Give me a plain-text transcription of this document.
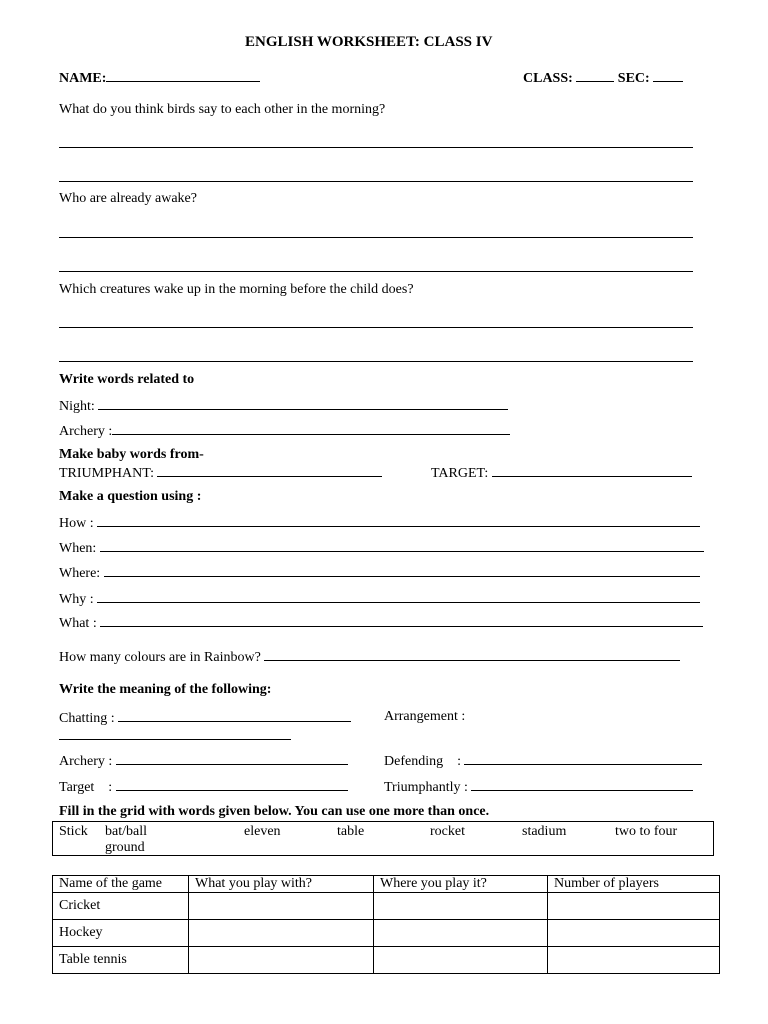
ENGLISH WORKSHEET: CLASS IV
NAME:	CLASS:	SEC:
What do you think birds say to each other in the morning?
Who are already awake?
Which creatures wake up in the morning before the child does?
Write words related to
Night:
Archery :
Make baby words from-
TRIUMPHANT:	TARGET:
Make a question using :
How :
When:
Where:
Why :
What :
How many colours are in Rainbow?
Write the meaning of the following:
Chatting :	Arrangement :
Archery :	Defending    :
Target    :	Triumphantly :
Fill in the grid with words given below. You can use one more than once.
Stick bat/ball	eleven	table	rocket	stadium	two to four
ground
Name of the game	What you play with?	Where you play it?	Number of players
Cricket			
Hockey			
Table tennis			
